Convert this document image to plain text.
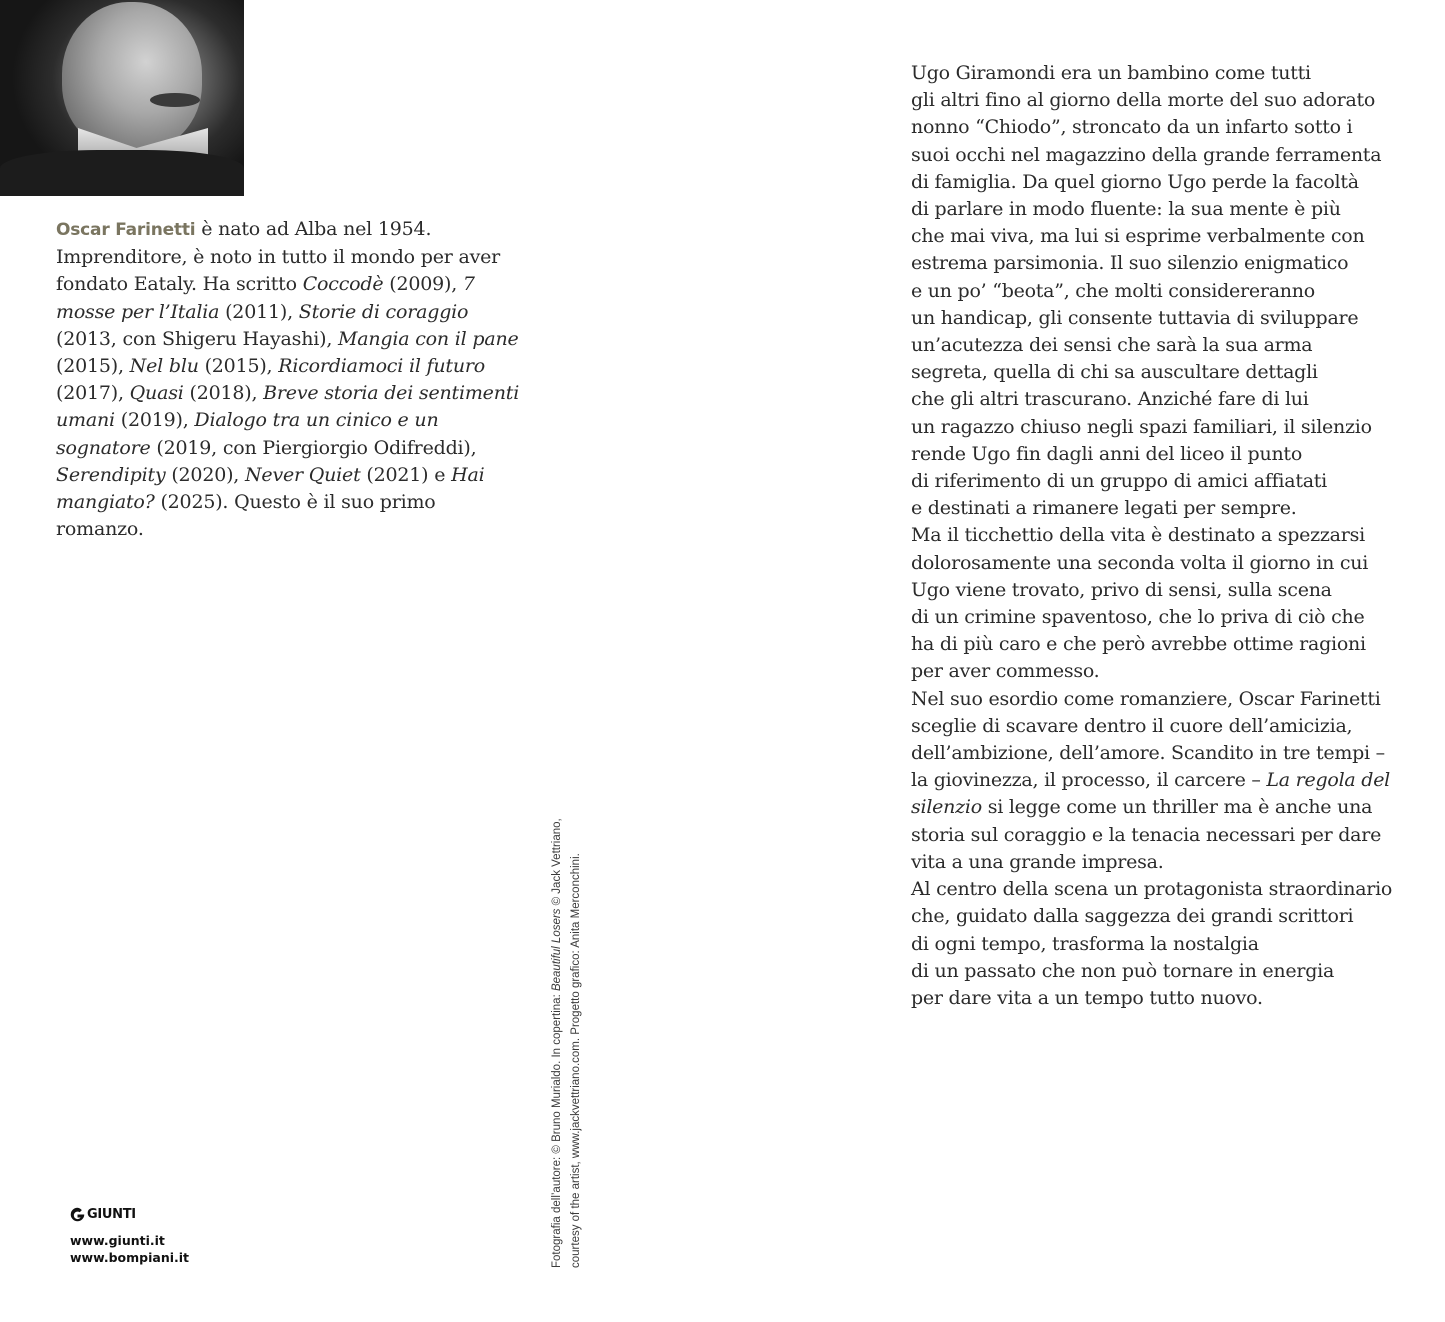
Oscar Farinetti è nato ad Alba nel 1954. Imprenditore, è noto in tutto il mondo per aver fondato Eataly. Ha scritto Coccodè (2009), 7 mosse per l’Italia (2011), Storie di coraggio (2013, con Shigeru Hayashi), Mangia con il pane (2015), Nel blu (2015), Ricordiamoci il futuro (2017), Quasi (2018), Breve storia dei sentimenti umani (2019), Dialogo tra un cinico e un sognatore (2019, con Piergiorgio Odifreddi), Serendipity (2020), Never Quiet (2021) e Hai mangiato? (2025). Questo è il suo primo romanzo.
Ugo Giramondi era un bambino come tutti
gli altri fino al giorno della morte del suo adorato
nonno “Chiodo”, stroncato da un infarto sotto i
suoi occhi nel magazzino della grande ferramenta
di famiglia. Da quel giorno Ugo perde la facoltà
di parlare in modo fluente: la sua mente è più
che mai viva, ma lui si esprime verbalmente con
estrema parsimonia. Il suo silenzio enigmatico
e un po’ “beota”, che molti considereranno
un handicap, gli consente tuttavia di sviluppare
un’acutezza dei sensi che sarà la sua arma
segreta, quella di chi sa auscultare dettagli
che gli altri trascurano. Anziché fare di lui
un ragazzo chiuso negli spazi familiari, il silenzio
rende Ugo fin dagli anni del liceo il punto
di riferimento di un gruppo di amici affiatati
e destinati a rimanere legati per sempre.
Ma il ticchettio della vita è destinato a spezzarsi
dolorosamente una seconda volta il giorno in cui
Ugo viene trovato, privo di sensi, sulla scena
di un crimine spaventoso, che lo priva di ciò che
ha di più caro e che però avrebbe ottime ragioni
per aver commesso.
Nel suo esordio come romanziere, Oscar Farinetti
sceglie di scavare dentro il cuore dell’amicizia,
dell’ambizione, dell’amore. Scandito in tre tempi –
la giovinezza, il processo, il carcere – La regola del
silenzio si legge come un thriller ma è anche una
storia sul coraggio e la tenacia necessari per dare
vita a una grande impresa.
Al centro della scena un protagonista straordinario
che, guidato dalla saggezza dei grandi scrittori
di ogni tempo, trasforma la nostalgia
di un passato che non può tornare in energia
per dare vita a un tempo tutto nuovo.
Fotografia dell’autore: © Bruno Murialdo. In copertina: Beautiful Losers © Jack Vettriano, courtesy of the artist, www.jackvettriano.com. Progetto grafico: Anita Merconchini.
GIUNTI
www.giunti.it
www.bompiani.it
